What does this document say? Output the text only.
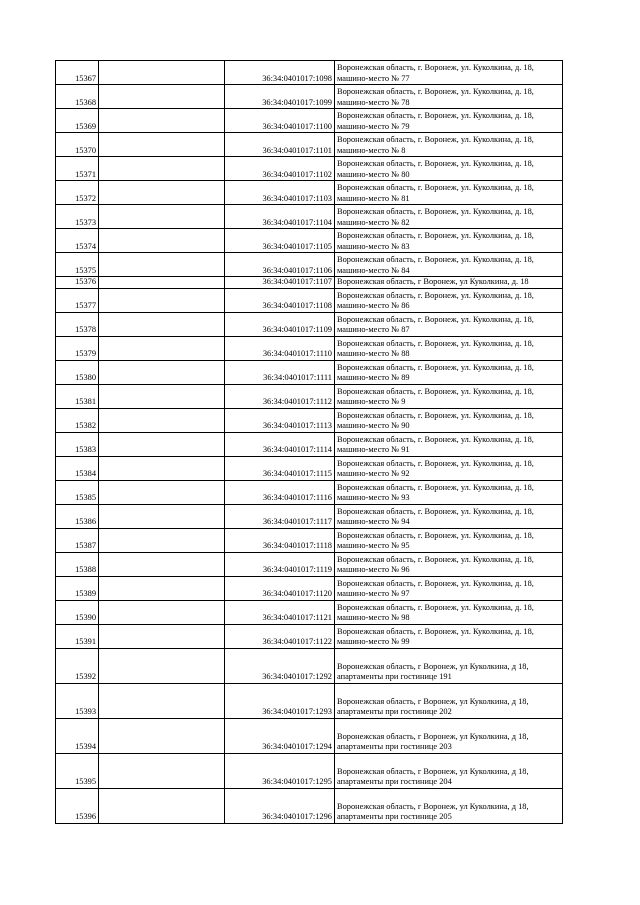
15367		36:34:0401017:1098	Воронежская область, г. Воронеж, ул. Куколкина, д. 18,
машино-место № 77

15368		36:34:0401017:1099	Воронежская область, г. Воронеж, ул. Куколкина, д. 18,
машино-место № 78

15369		36:34:0401017:1100	Воронежская область, г. Воронеж, ул. Куколкина, д. 18,
машино-место № 79

15370		36:34:0401017:1101	Воронежская область, г. Воронеж, ул. Куколкина, д. 18,
машино-место № 8

15371		36:34:0401017:1102	Воронежская область, г. Воронеж, ул. Куколкина, д. 18,
машино-место № 80

15372		36:34:0401017:1103	Воронежская область, г. Воронеж, ул. Куколкина, д. 18,
машино-место № 81

15373		36:34:0401017:1104	Воронежская область, г. Воронеж, ул. Куколкина, д. 18,
машино-место № 82

15374		36:34:0401017:1105	Воронежская область, г. Воронеж, ул. Куколкина, д. 18,
машино-место № 83

15375		36:34:0401017:1106	Воронежская область, г. Воронеж, ул. Куколкина, д. 18,
машино-место № 84

15376		36:34:0401017:1107	Воронежская область, г Воронеж, ул Куколкина, д. 18

15377		36:34:0401017:1108	Воронежская область, г. Воронеж, ул. Куколкина, д. 18,
машино-место № 86

15378		36:34:0401017:1109	Воронежская область, г. Воронеж, ул. Куколкина, д. 18,
машино-место № 87

15379		36:34:0401017:1110	Воронежская область, г. Воронеж, ул. Куколкина, д. 18,
машино-место № 88

15380		36:34:0401017:1111	Воронежская область, г. Воронеж, ул. Куколкина, д. 18,
машино-место № 89

15381		36:34:0401017:1112	Воронежская область, г. Воронеж, ул. Куколкина, д. 18,
машино-место № 9

15382		36:34:0401017:1113	Воронежская область, г. Воронеж, ул. Куколкина, д. 18,
машино-место № 90

15383		36:34:0401017:1114	Воронежская область, г. Воронеж, ул. Куколкина, д. 18,
машино-место № 91

15384		36:34:0401017:1115	Воронежская область, г. Воронеж, ул. Куколкина, д. 18,
машино-место № 92

15385		36:34:0401017:1116	Воронежская область, г. Воронеж, ул. Куколкина, д. 18,
машино-место № 93

15386		36:34:0401017:1117	Воронежская область, г. Воронеж, ул. Куколкина, д. 18,
машино-место № 94

15387		36:34:0401017:1118	Воронежская область, г. Воронеж, ул. Куколкина, д. 18,
машино-место № 95

15388		36:34:0401017:1119	Воронежская область, г. Воронеж, ул. Куколкина, д. 18,
машино-место № 96

15389		36:34:0401017:1120	Воронежская область, г. Воронеж, ул. Куколкина, д. 18,
машино-место № 97

15390		36:34:0401017:1121	Воронежская область, г. Воронеж, ул. Куколкина, д. 18,
машино-место № 98

15391		36:34:0401017:1122	Воронежская область, г. Воронеж, ул. Куколкина, д. 18,
машино-место № 99

15392		36:34:0401017:1292	Воронежская область, г Воронеж, ул Куколкина, д 18,
апартаменты при гостинице 191

15393		36:34:0401017:1293	Воронежская область, г Воронеж, ул Куколкина, д 18,
апартаменты при гостинице 202

15394		36:34:0401017:1294	Воронежская область, г Воронеж, ул Куколкина, д 18,
апартаменты при гостинице 203

15395		36:34:0401017:1295	Воронежская область, г Воронеж, ул Куколкина, д 18,
апартаменты при гостинице 204

15396		36:34:0401017:1296	Воронежская область, г Воронеж, ул Куколкина, д 18,
апартаменты при гостинице 205
